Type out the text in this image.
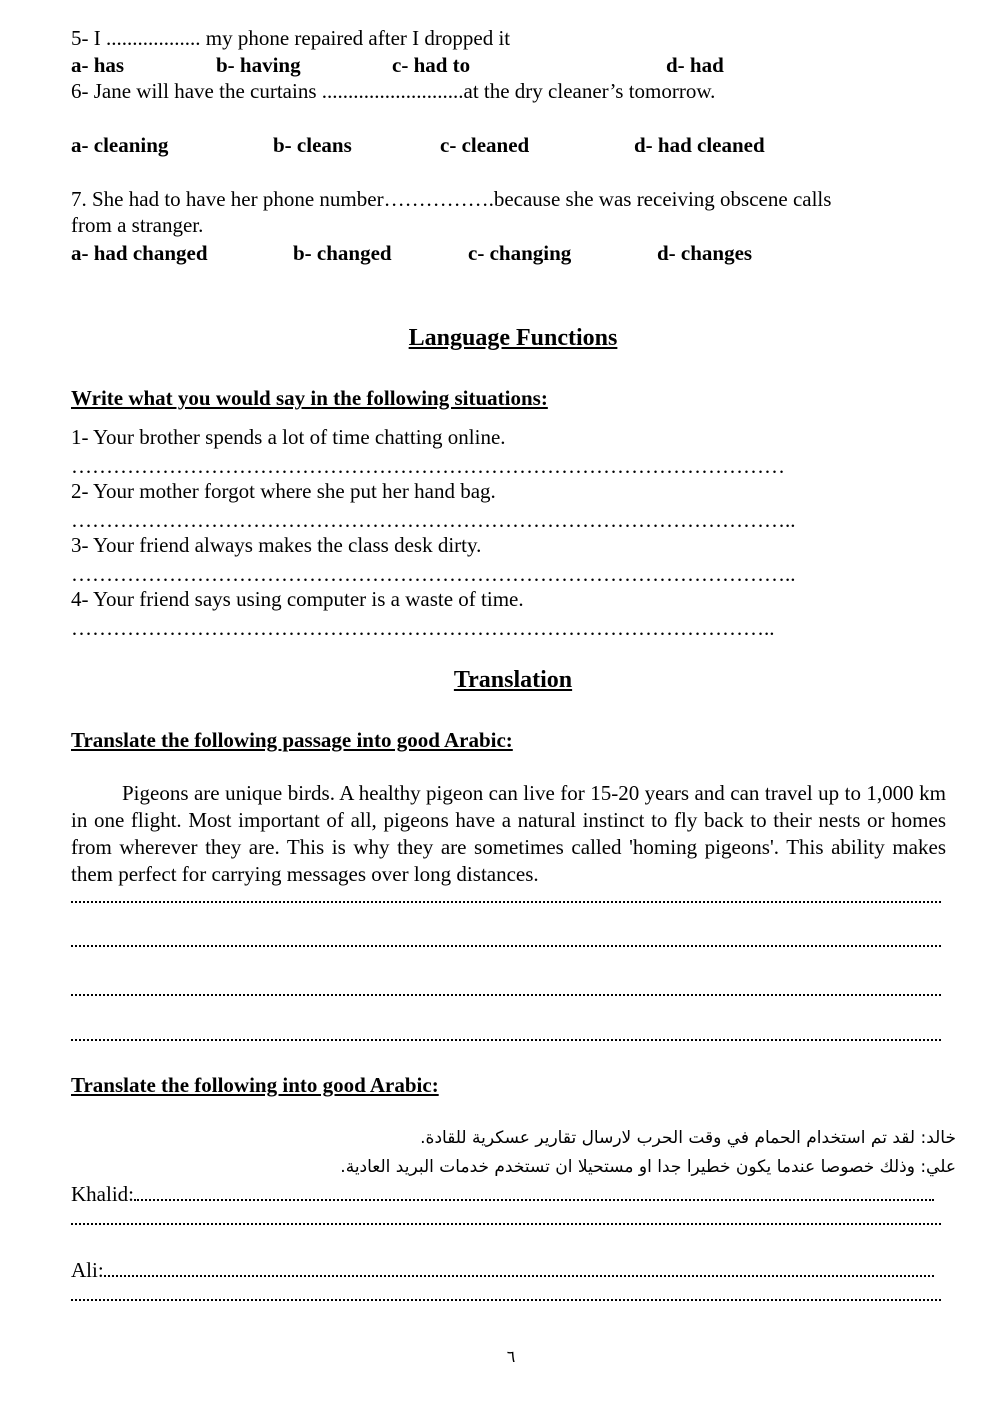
5- I .................. my phone repaired after I dropped it
a- has	b- having	c- had to	d- had
6- Jane will have the curtains ...........................at the dry cleaner’s tomorrow.
a- cleaning	b- cleans	c- cleaned	d- had cleaned
7. She had to have her phone number…………….because she was receiving obscene calls
from a stranger.
a- had changed	b- changed	c- changing	d- changes
Language Functions
Write what you would say in the following situations:
1- Your brother spends a lot of time chatting online.
…………………………………………………………………………………………
2- Your mother forgot where she put her hand bag.
…………………………………………………………………………………………..
3- Your friend always makes the class desk dirty.
…………………………………………………………………………………………..
4- Your friend says using computer is a waste of time.
………………………………………………………………………………………..
Translation
Translate the following passage into good Arabic:
Pigeons are unique birds. A healthy pigeon can live for 15-20 years and can travel up to 1,000 km in one flight. Most important of all, pigeons have a natural instinct to fly back to their nests or homes from wherever they are. This is why they are sometimes called 'homing pigeons'. This ability makes them perfect for carrying messages over long distances.
Translate the following into good Arabic:
خالد: لقد تم استخدام الحمام في وقت الحرب لارسال تقارير عسكرية للقادة.
علي: وذلك خصوصا عندما يكون خطيرا جدا او مستحيلا ان تستخدم خدمات البريد العادية.
Khalid:
Ali:
٦
